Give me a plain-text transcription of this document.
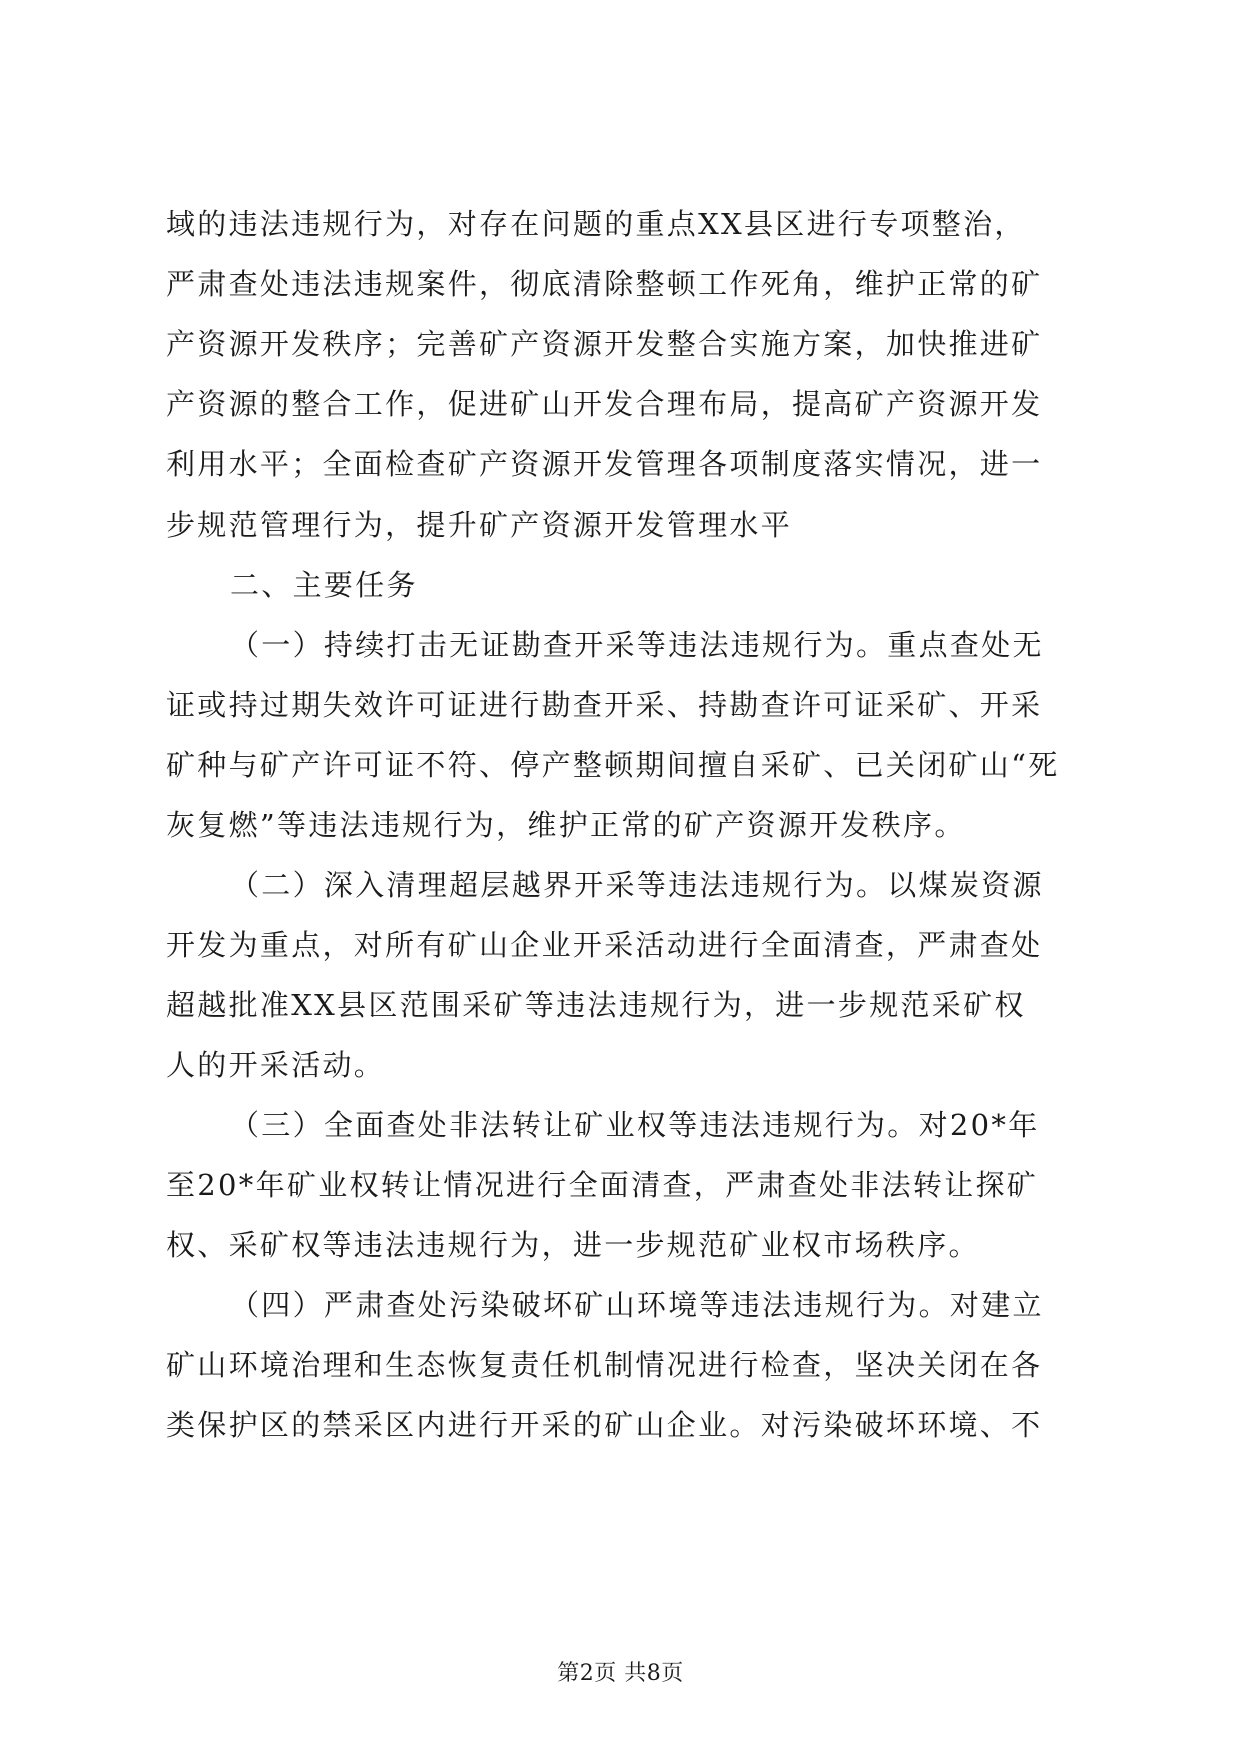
域的违法违规行为，对存在问题的重点XX县区进行专项整治，
严肃查处违法违规案件，彻底清除整顿工作死角，维护正常的矿
产资源开发秩序；完善矿产资源开发整合实施方案，加快推进矿
产资源的整合工作，促进矿山开发合理布局，提高矿产资源开发
利用水平；全面检查矿产资源开发管理各项制度落实情况，进一
步规范管理行为，提升矿产资源开发管理水平
二、主要任务
（一）持续打击无证勘查开采等违法违规行为。重点查处无
证或持过期失效许可证进行勘查开采、持勘查许可证采矿、开采
矿种与矿产许可证不符、停产整顿期间擅自采矿、已关闭矿山“死
灰复燃”等违法违规行为，维护正常的矿产资源开发秩序。
（二）深入清理超层越界开采等违法违规行为。以煤炭资源
开发为重点，对所有矿山企业开采活动进行全面清查，严肃查处
超越批准XX县区范围采矿等违法违规行为，进一步规范采矿权
人的开采活动。
（三）全面查处非法转让矿业权等违法违规行为。对20*年
至20*年矿业权转让情况进行全面清查，严肃查处非法转让探矿
权、采矿权等违法违规行为，进一步规范矿业权市场秩序。
（四）严肃查处污染破坏矿山环境等违法违规行为。对建立
矿山环境治理和生态恢复责任机制情况进行检查，坚决关闭在各
类保护区的禁采区内进行开采的矿山企业。对污染破坏环境、不
第2页 共8页
